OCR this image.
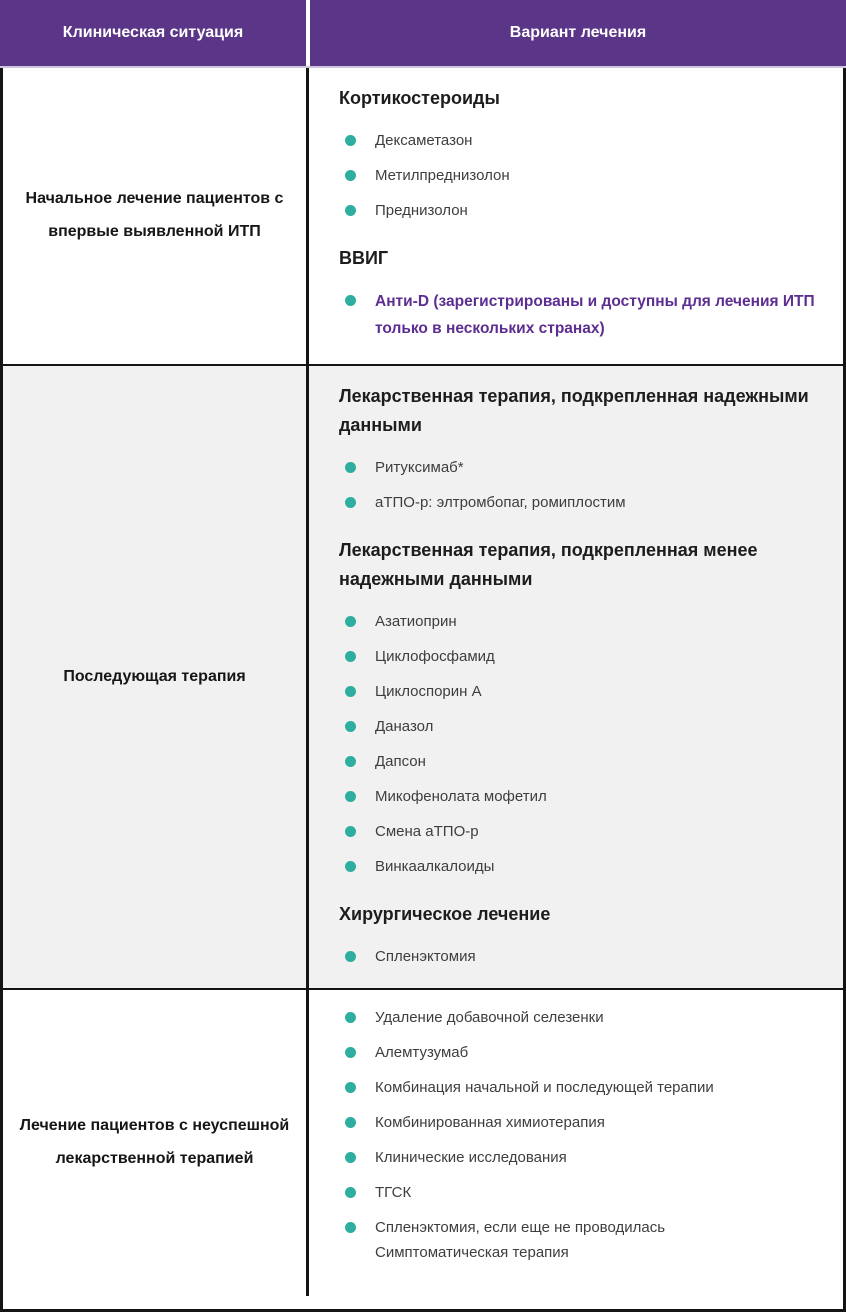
Клиническая ситуация	Вариант лечения
Начальное лечение пациентов с впервые выявленной ИТП
Кортикостероиды
Дексаметазон
Метилпреднизолон
Преднизолон
ВВИГ
Анти-D (зарегистрированы и доступны для лечения ИТП только в нескольких странах)
Последующая терапия
Лекарственная терапия, подкрепленная надежными данными
Ритуксимаб*
аТПО-р: элтромбопаг, ромиплостим
Лекарственная терапия, подкрепленная менее надежными данными
Азатиоприн
Циклофосфамид
Циклоспорин А
Даназол
Дапсон
Микофенолата мофетил
Смена аТПО-р
Винкаалкалоиды
Хирургическое лечение
Спленэктомия
Лечение пациентов с неуспешной лекарственной терапией
Удаление добавочной селезенки
Алемтузумаб
Комбинация начальной и последующей терапии
Комбинированная химиотерапия
Клинические исследования
ТГСК
Спленэктомия, если еще не проводилась
Симптоматическая терапия
